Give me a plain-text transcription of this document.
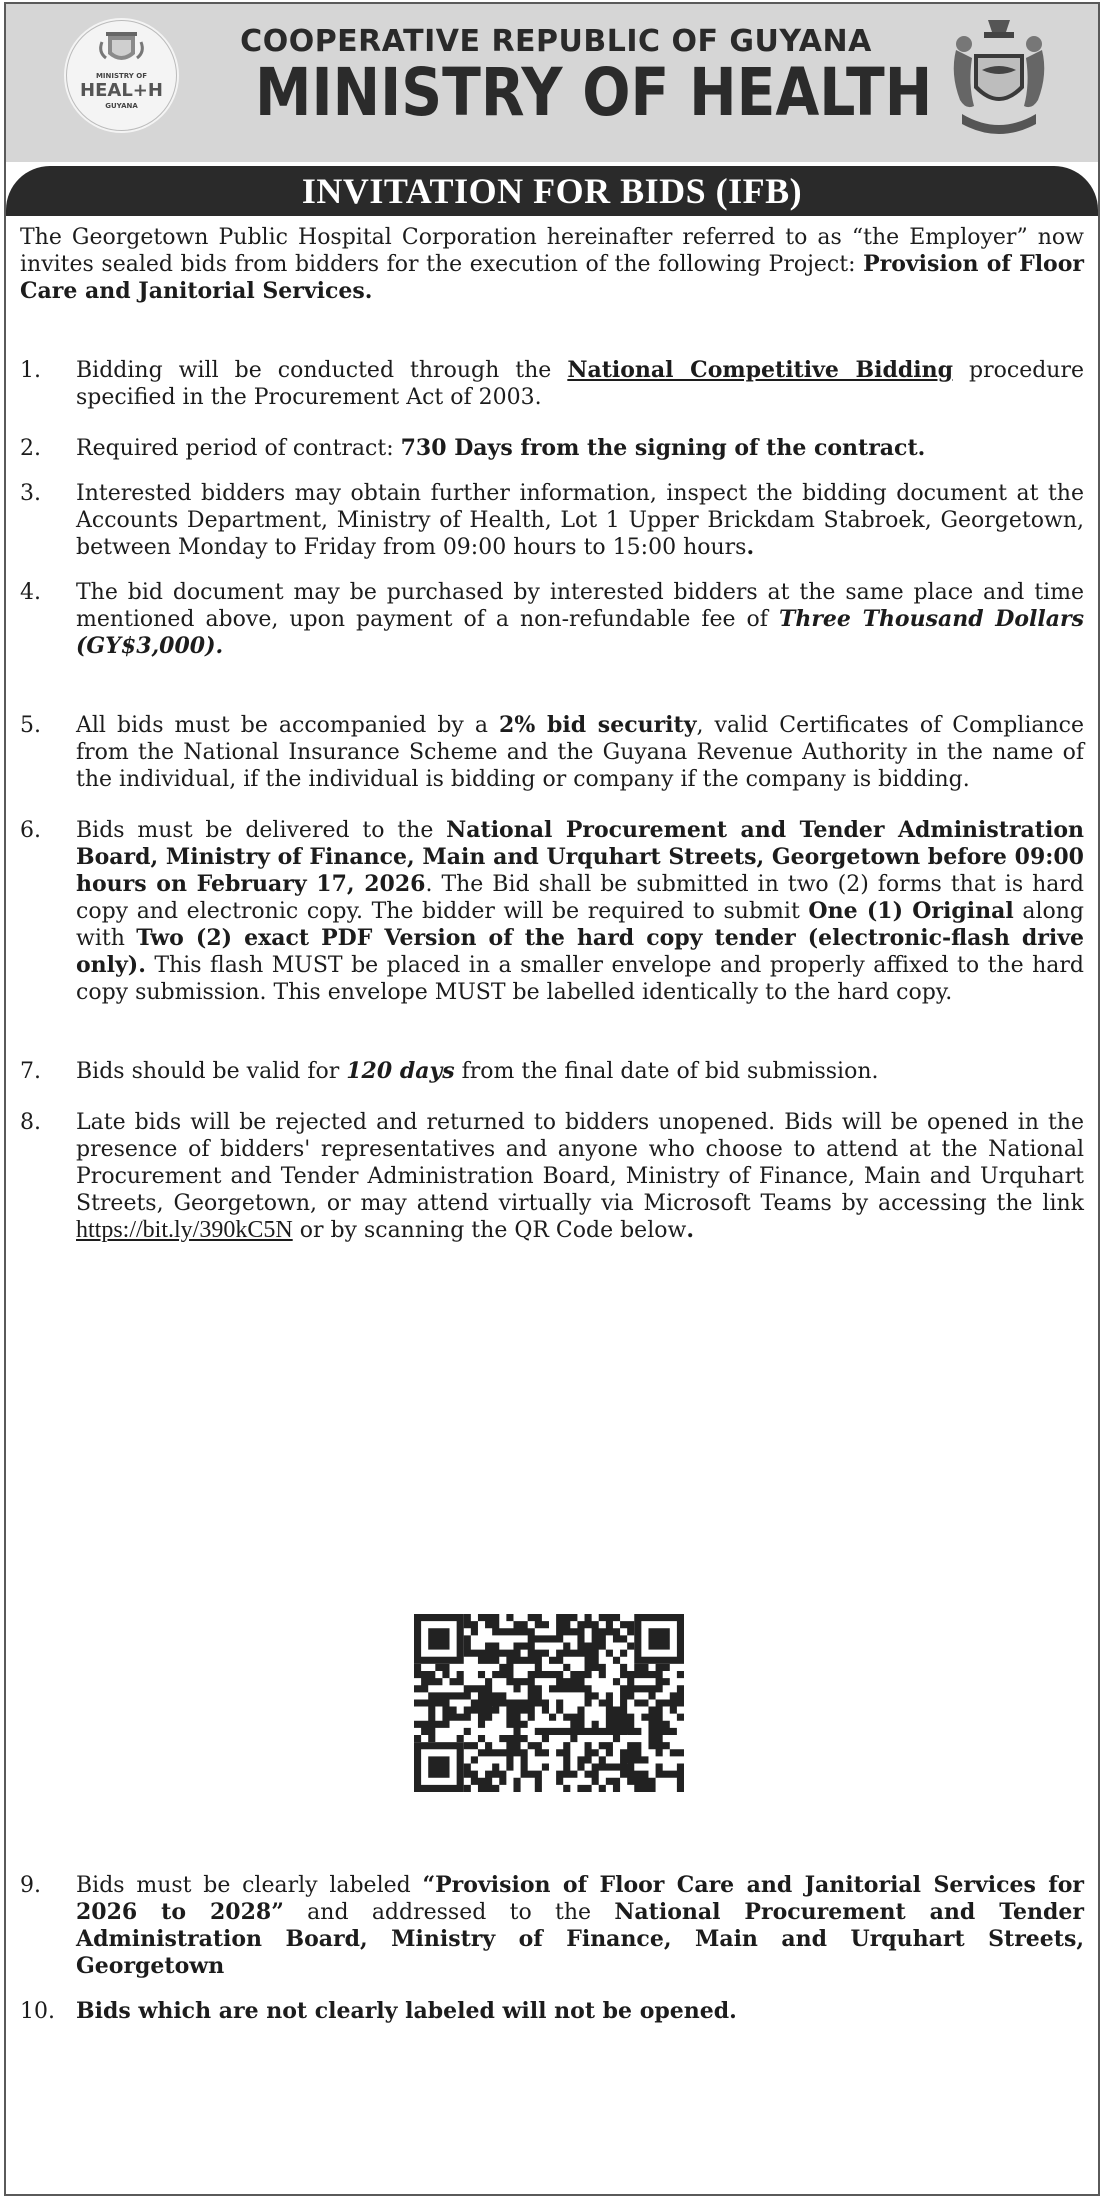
MINISTRY OF
HEAL+H
GUYANA
COOPERATIVE REPUBLIC OF GUYANA
MINISTRY OF HEALTH
INVITATION FOR BIDS (IFB)

The Georgetown Public Hospital Corporation hereinafter referred to as “the Employer” now invites sealed bids from bidders for the execution of the following Project: Provision of Floor Care and Janitorial Services.

1.	Bidding will be conducted through the National Competitive Bidding procedure specified in the Procurement Act of 2003.
2.	Required period of contract: 730 Days from the signing of the contract.
3.	Interested bidders may obtain further information, inspect the bidding document at the Accounts Department, Ministry of Health, Lot 1 Upper Brickdam Stabroek, Georgetown, between Monday to Friday from 09:00 hours to 15:00 hours.
4.	The bid document may be purchased by interested bidders at the same place and time mentioned above, upon payment of a non-refundable fee of Three Thousand Dollars (GY$3,000).
5.	All bids must be accompanied by a 2% bid security, valid Certificates of Compliance from the National Insurance Scheme and the Guyana Revenue Authority in the name of the individual, if the individual is bidding or company if the company is bidding.
6.	Bids must be delivered to the National Procurement and Tender Administration Board, Ministry of Finance, Main and Urquhart Streets, Georgetown before 09:00 hours on February 17, 2026. The Bid shall be submitted in two (2) forms that is hard copy and electronic copy. The bidder will be required to submit One (1) Original along with Two (2) exact PDF Version of the hard copy tender (electronic-flash drive only). This flash MUST be placed in a smaller envelope and properly affixed to the hard copy submission. This envelope MUST be labelled identically to the hard copy.
7.	Bids should be valid for 120 days from the final date of bid submission.
8.	Late bids will be rejected and returned to bidders unopened. Bids will be opened in the presence of bidders' representatives and anyone who choose to attend at the National Procurement and Tender Administration Board, Ministry of Finance, Main and Urquhart Streets, Georgetown, or may attend virtually via Microsoft Teams by accessing the link https://bit.ly/390kC5N or by scanning the QR Code below.
9.	Bids must be clearly labeled “Provision of Floor Care and Janitorial Services for 2026 to 2028” and addressed to the National Procurement and Tender Administration Board, Ministry of Finance, Main and Urquhart Streets, Georgetown
10. Bids which are not clearly labeled will not be opened.
